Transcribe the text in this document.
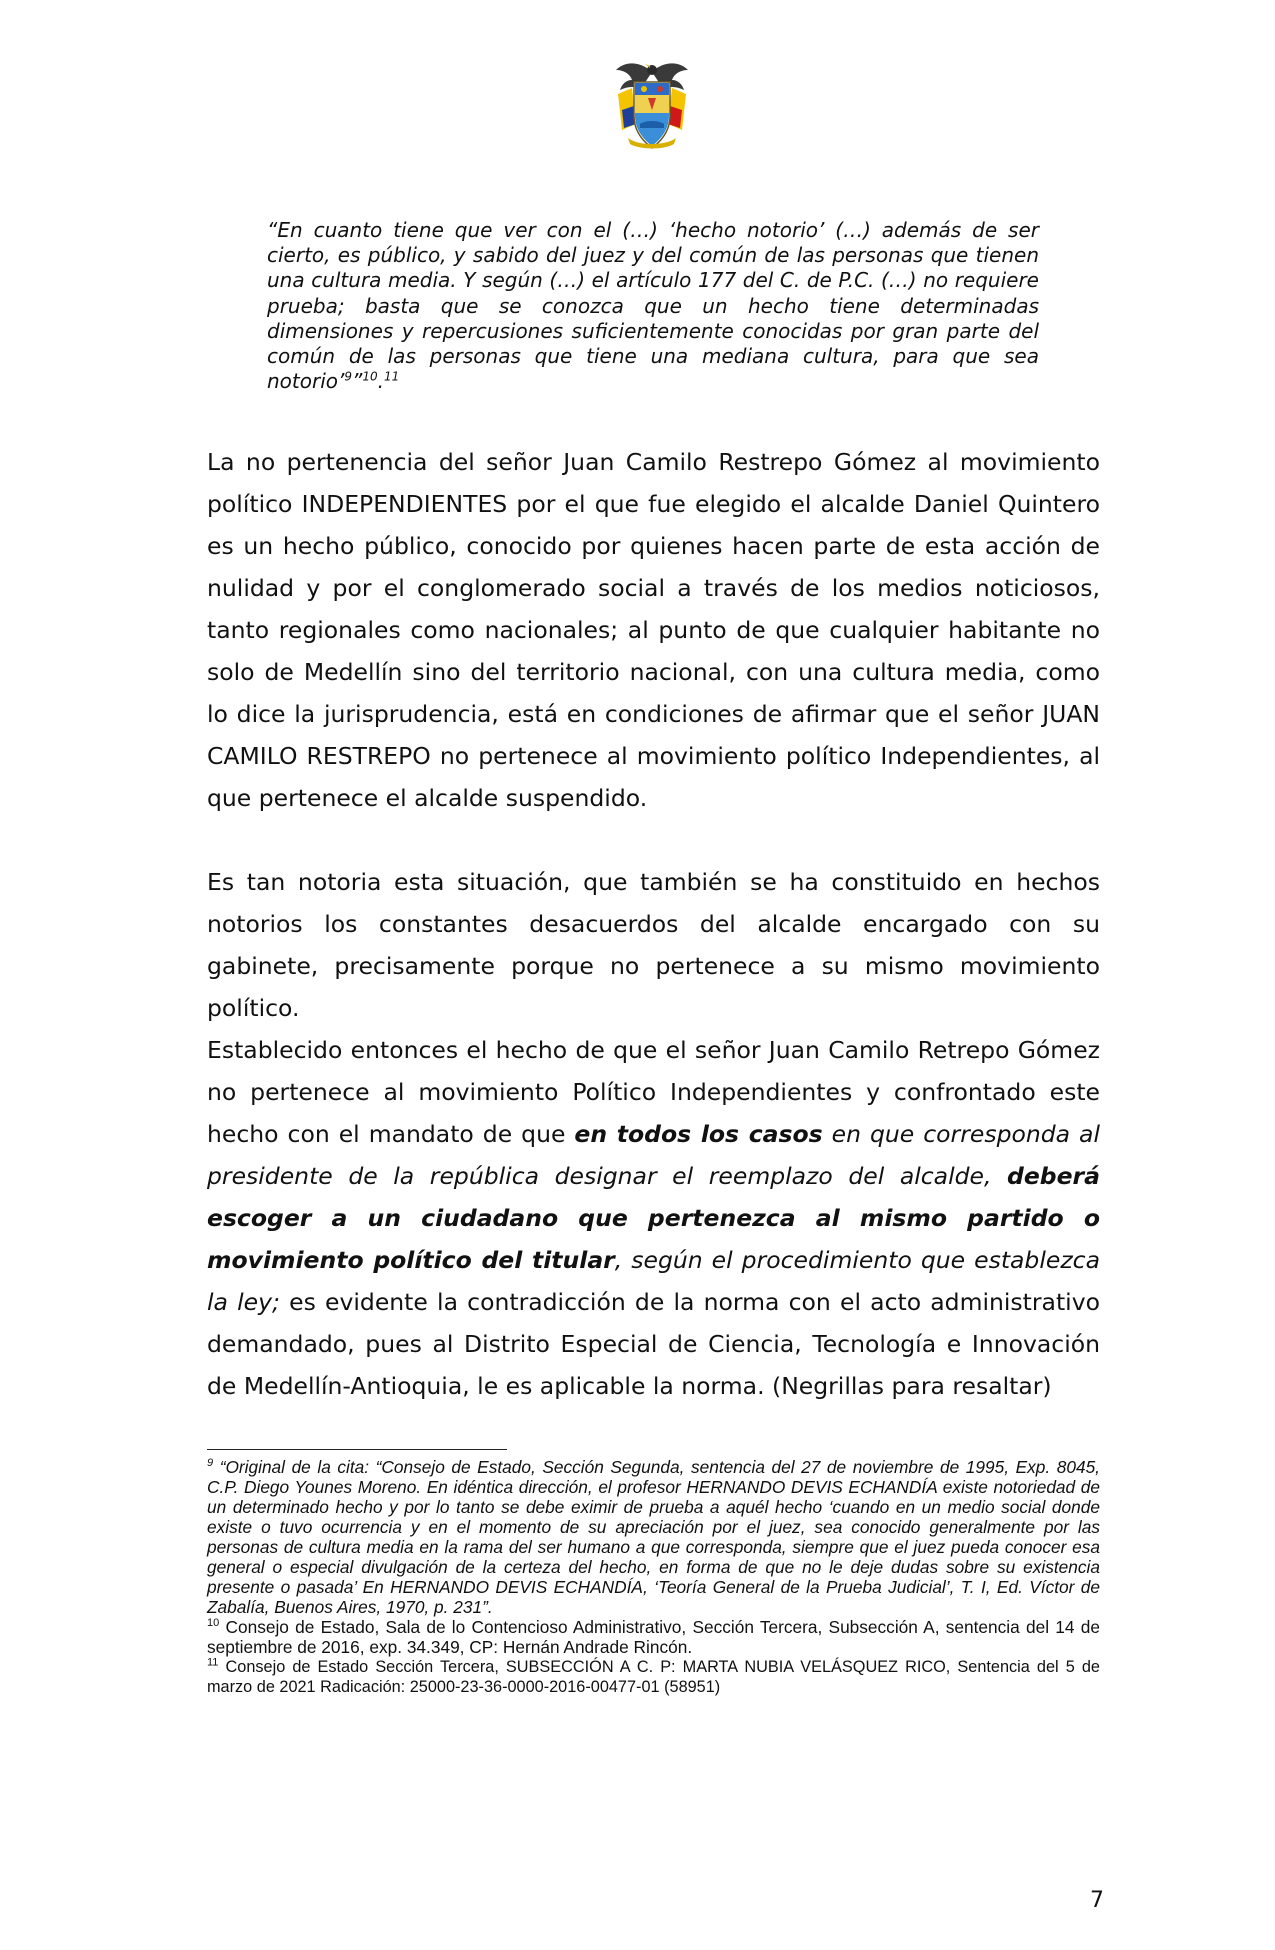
“En cuanto tiene que ver con el (…) ‘hecho notorio’ (…) además de ser cierto, es público, y sabido del juez y del común de las personas que tienen una cultura media. Y según (…) el artículo 177 del C. de P.C. (…) no requiere prueba; basta que se conozca que un hecho tiene determinadas dimensiones y repercusiones suficientemente conocidas por gran parte del común de las personas que tiene una mediana cultura, para que sea notorio’$^9$”$^{10}$.$^{11}$

La no pertenencia del señor Juan Camilo Restrepo Gómez al movimiento político INDEPENDIENTES por el que fue elegido el alcalde Daniel Quintero es un hecho público, conocido por quienes hacen parte de esta acción de nulidad y por el conglomerado social a través de los medios noticiosos, tanto regionales como nacionales; al punto de que cualquier habitante no solo de Medellín sino del territorio nacional, con una cultura media, como lo dice la jurisprudencia, está en condiciones de afirmar que el señor JUAN CAMILO RESTREPO no pertenece al movimiento político Independientes, al que pertenece el alcalde suspendido.

Es tan notoria esta situación, que también se ha constituido en hechos notorios los constantes desacuerdos del alcalde encargado con su gabinete, precisamente porque no pertenece a su mismo movimiento político.

Establecido entonces el hecho de que el señor Juan Camilo Retrepo Gómez no pertenece al movimiento Político Independientes y confrontado este hecho con el mandato de que en todos los casos en que corresponda al presidente de la república designar el reemplazo del alcalde, deberá escoger a un ciudadano que pertenezca al mismo partido o movimiento político del titular, según el procedimiento que establezca la ley; es evidente la contradicción de la norma con el acto administrativo demandado, pues al Distrito Especial de Ciencia, Tecnología e Innovación de Medellín-Antioquia, le es aplicable la norma. (Negrillas para resaltar)

$^9$ “Original de la cita: “Consejo de Estado, Sección Segunda, sentencia del 27 de noviembre de 1995, Exp. 8045, C.P. Diego Younes Moreno. En idéntica dirección, el profesor HERNANDO DEVIS ECHANDÍA existe notoriedad de un determinado hecho y por lo tanto se debe eximir de prueba a aquél hecho ‘cuando en un medio social donde existe o tuvo ocurrencia y en el momento de su apreciación por el juez, sea conocido generalmente por las personas de cultura media en la rama del ser humano a que corresponda, siempre que el juez pueda conocer esa general o especial divulgación de la certeza del hecho, en forma de que no le deje dudas sobre su existencia presente o pasada’ En HERNANDO DEVIS ECHANDÍA, ‘Teoría General de la Prueba Judicial’, T. I, Ed. Víctor de Zabalía, Buenos Aires, 1970, p. 231”.

$^{10}$ Consejo de Estado, Sala de lo Contencioso Administrativo, Sección Tercera, Subsección A, sentencia del 14 de septiembre de 2016, exp. 34.349, CP: Hernán Andrade Rincón.

$^{11}$ Consejo de Estado Sección Tercera, SUBSECCIÓN A C. P: MARTA NUBIA VELÁSQUEZ RICO, Sentencia del 5 de marzo de 2021 Radicación: 25000-23-36-0000-2016-00477-01 (58951)

7
